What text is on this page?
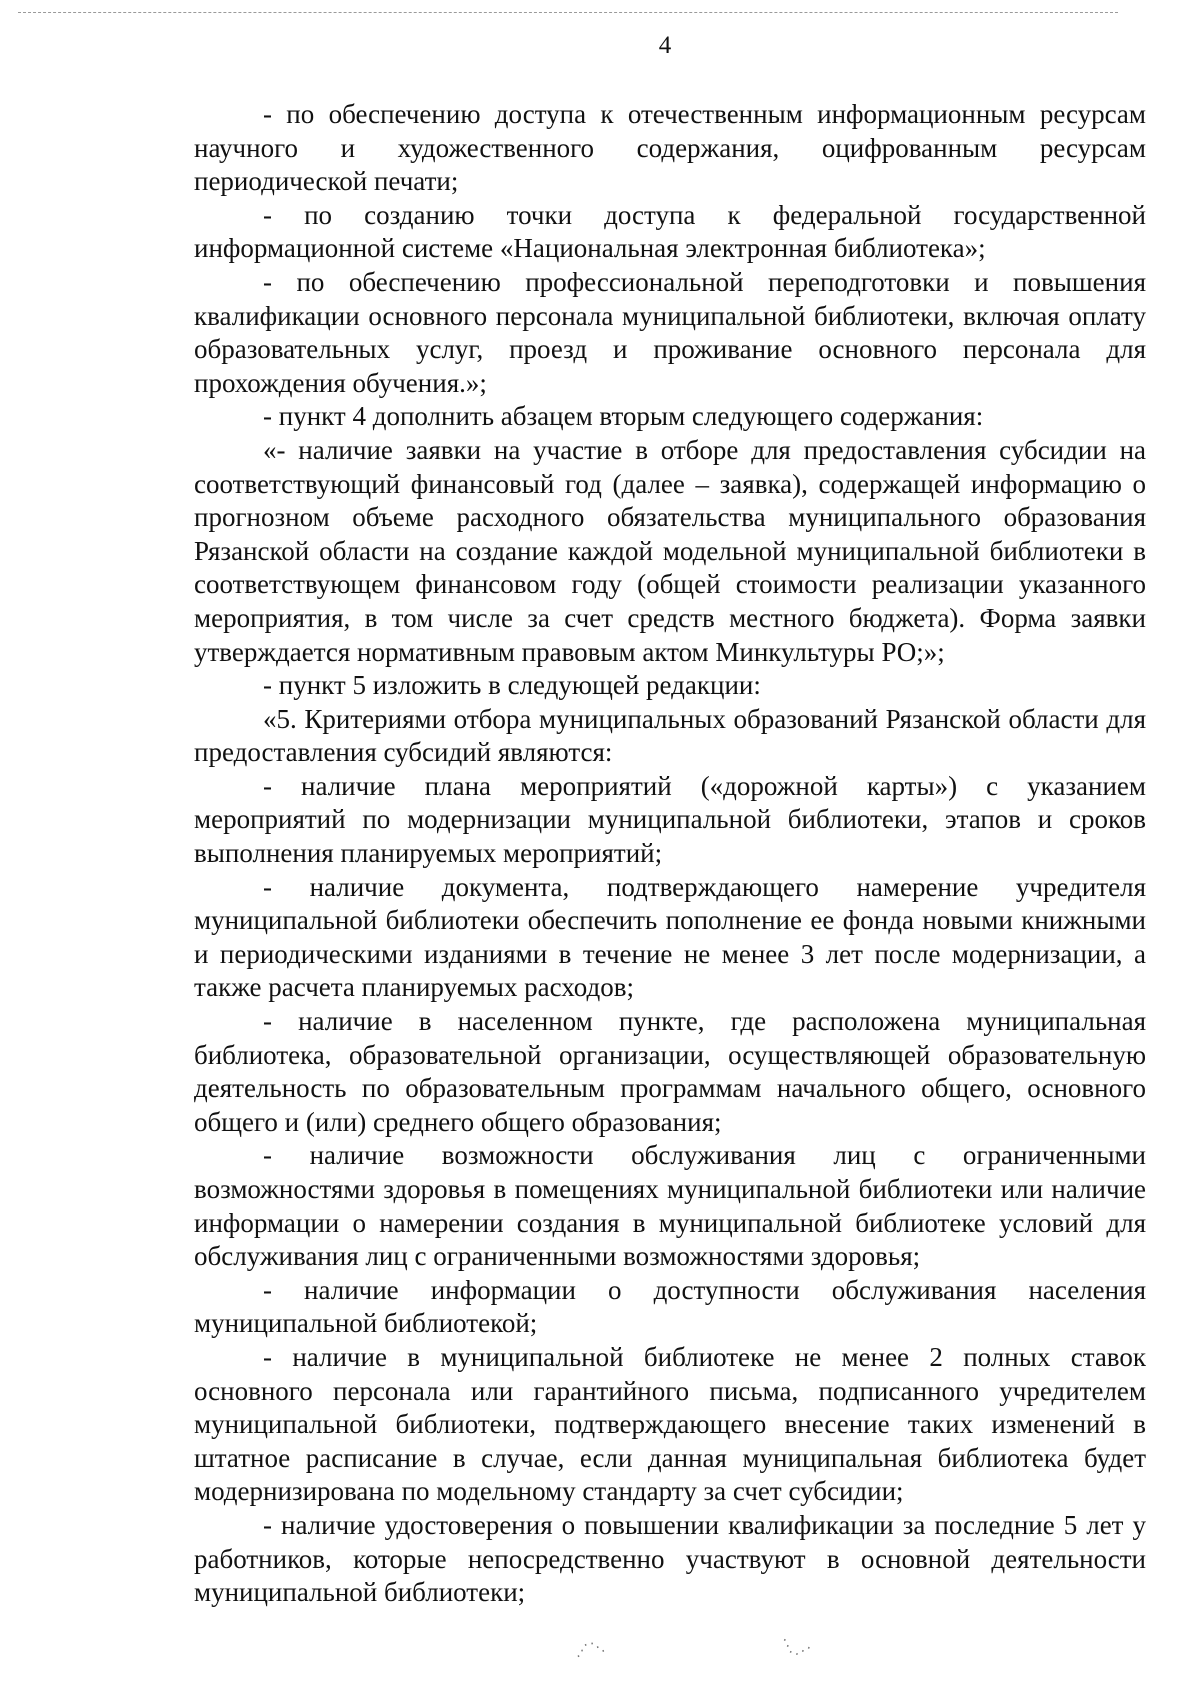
4

- по обеспечению доступа к отечественным информационным ресурсам научного и художественного содержания, оцифрованным ресурсам периодической печати;

- по созданию точки доступа к федеральной государственной информационной системе «Национальная электронная библиотека»;

- по обеспечению профессиональной переподготовки и повышения квалификации основного персонала муниципальной библиотеки, включая оплату образовательных услуг, проезд и проживание основного персонала для прохождения обучения.»;

- пункт 4 дополнить абзацем вторым следующего содержания:

«- наличие заявки на участие в отборе для предоставления субсидии на соответствующий финансовый год (далее – заявка), содержащей информацию о прогнозном объеме расходного обязательства муниципального образования Рязанской области на создание каждой модельной муниципальной библиотеки в соответствующем финансовом году (общей стоимости реализации указанного мероприятия, в том числе за счет средств местного бюджета). Форма заявки утверждается нормативным правовым актом Минкультуры РО;»;

- пункт 5 изложить в следующей редакции:

«5. Критериями отбора муниципальных образований Рязанской области для предоставления субсидий являются:

- наличие плана мероприятий («дорожной карты») с указанием мероприятий по модернизации муниципальной библиотеки, этапов и сроков выполнения планируемых мероприятий;

- наличие документа, подтверждающего намерение учредителя муниципальной библиотеки обеспечить пополнение ее фонда новыми книжными и периодическими изданиями в течение не менее 3 лет после модернизации, а также расчета планируемых расходов;

- наличие в населенном пункте, где расположена муниципальная библиотека, образовательной организации, осуществляющей образовательную деятельность по образовательным программам начального общего, основного общего и (или) среднего общего образования;

- наличие возможности обслуживания лиц с ограниченными возможностями здоровья в помещениях муниципальной библиотеки или наличие информации о намерении создания в муниципальной библиотеке условий для обслуживания лиц с ограниченными возможностями здоровья;

- наличие информации о доступности обслуживания населения муниципальной библиотекой;

- наличие в муниципальной библиотеке не менее 2 полных ставок основного персонала или гарантийного письма, подписанного учредителем муниципальной библиотеки, подтверждающего внесение таких изменений в штатное расписание в случае, если данная муниципальная библиотека будет модернизирована по модельному стандарту за счет субсидии;

- наличие удостоверения о повышении квалификации за последние 5 лет у работников, которые непосредственно участвуют в основной деятельности муниципальной библиотеки;

⋰⋱	⋱⋰
